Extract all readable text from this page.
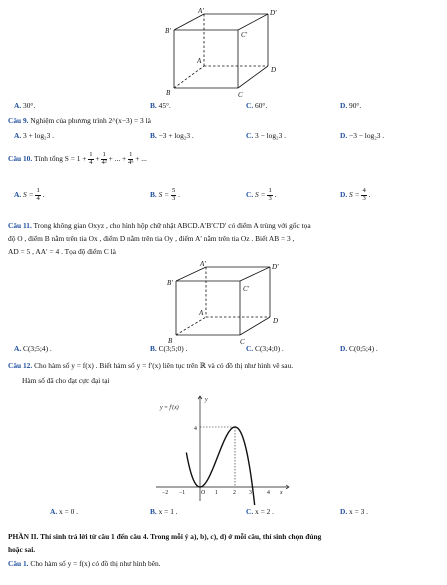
A'	D'
B'	C'
A
D
B	C
A. 30°.	B. 45°.	C. 60°.	D. 90°.
Câu 9. Nghiệm của phương trình 2^(x−3) = 3 là
A. 3 + log₂3 .	B. −3 + log₂3 .	C. 3 − log₂3 .	D. −3 − log₂3 .
Câu 10. Tính tổng $S = 1 + \frac{1}{4} + \frac{1}{\text{4²}}$ + ... + $\frac{1}{\text{4ⁿ}}$ + ...
A. $S = \frac{1}{4}$ .	B. $S = \frac{5}{3}$ .	C. $S = \frac{1}{3}$ .	D. $S = \frac{4}{3}$ .
Câu 11. Trong không gian Oxyz , cho hình hộp chữ nhật ABCD.A′B′C′D′ có điểm A trùng với gốc tọa
độ O , điểm B nằm trên tia Ox , điểm D nằm trên tia Oy , điểm A′ nằm trên tia Oz . Biết AB = 3 ,
AD = 5 , AA′ = 4 . Tọa độ điểm C là
A'	D'
B'
C'
A
D
B	C
A. C(3;5;4) .	B. C(3;5;0) .	C. C(3;4;0) .	D. C(0;5;4) .
Câu 12. Cho hàm số y = f(x) . Biết hàm số y = f′(x) liên tục trên ℝ và có đồ thị như hình vẽ sau.
Hàm số đã cho đạt cực đại tại
y = f′(x)
y
4
−2 −1	O 1	2 3	4 x
A. x = 0 .	B. x = 1 .	C. x = 2 .	D. x = 3 .
PHẦN II. Thí sinh trả lời từ câu 1 đến câu 4. Trong mỗi ý a), b), c), d) ở mỗi câu, thí sinh chọn đúng
hoặc sai.
Câu 1. Cho hàm số y = f(x) có đồ thị như hình bên.
